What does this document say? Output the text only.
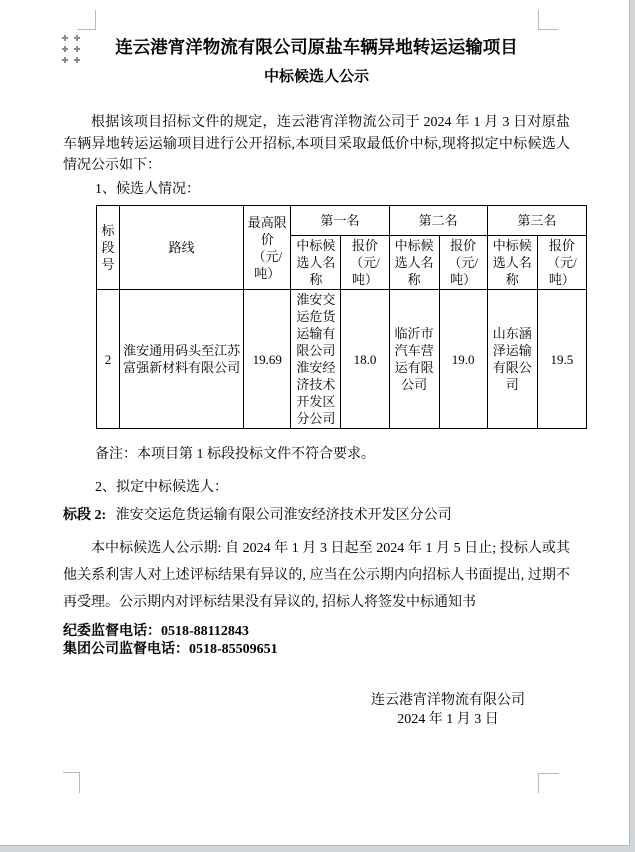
连云港宵洋物流有限公司原盐车辆异地转运运输项目
中标候选人公示

根据该项目招标文件的规定，连云港宵洋物流公司于 2024 年 1 月 3 日对原盐车辆异地转运运输项目进行公开招标,本项目采取最低价中标,现将拟定中标候选人情况公示如下：

1、候选人情况：

标段号	路线	最高限价（元/吨）	第一名		第二名		第三名	
			中标候选人名称	报价（元/吨）	中标候选人名称	报价（元/吨）	中标候选人名称	报价（元/吨）
2	淮安通用码头至江苏富强新材料有限公司	19.69	淮安交运危货运输有限公司淮安经济技术开发区分公司	18.0	临沂市汽车营运有限公司	19.0	山东涵泽运输有限公司	19.5

备注：本项目第 1 标段投标文件不符合要求。

2、拟定中标候选人：

标段 2: 淮安交运危货运输有限公司淮安经济技术开发区分公司

本中标候选人公示期: 自 2024 年 1 月 3 日起至 2024 年 1 月 5 日止; 投标人或其他关系利害人对上述评标结果有异议的, 应当在公示期内向招标人书面提出, 过期不再受理。公示期内对评标结果没有异议的, 招标人将签发中标通知书

纪委监督电话：0518-88112843

集团公司监督电话：0518-85509651

连云港宵洋物流有限公司
2024 年 1 月 3 日
